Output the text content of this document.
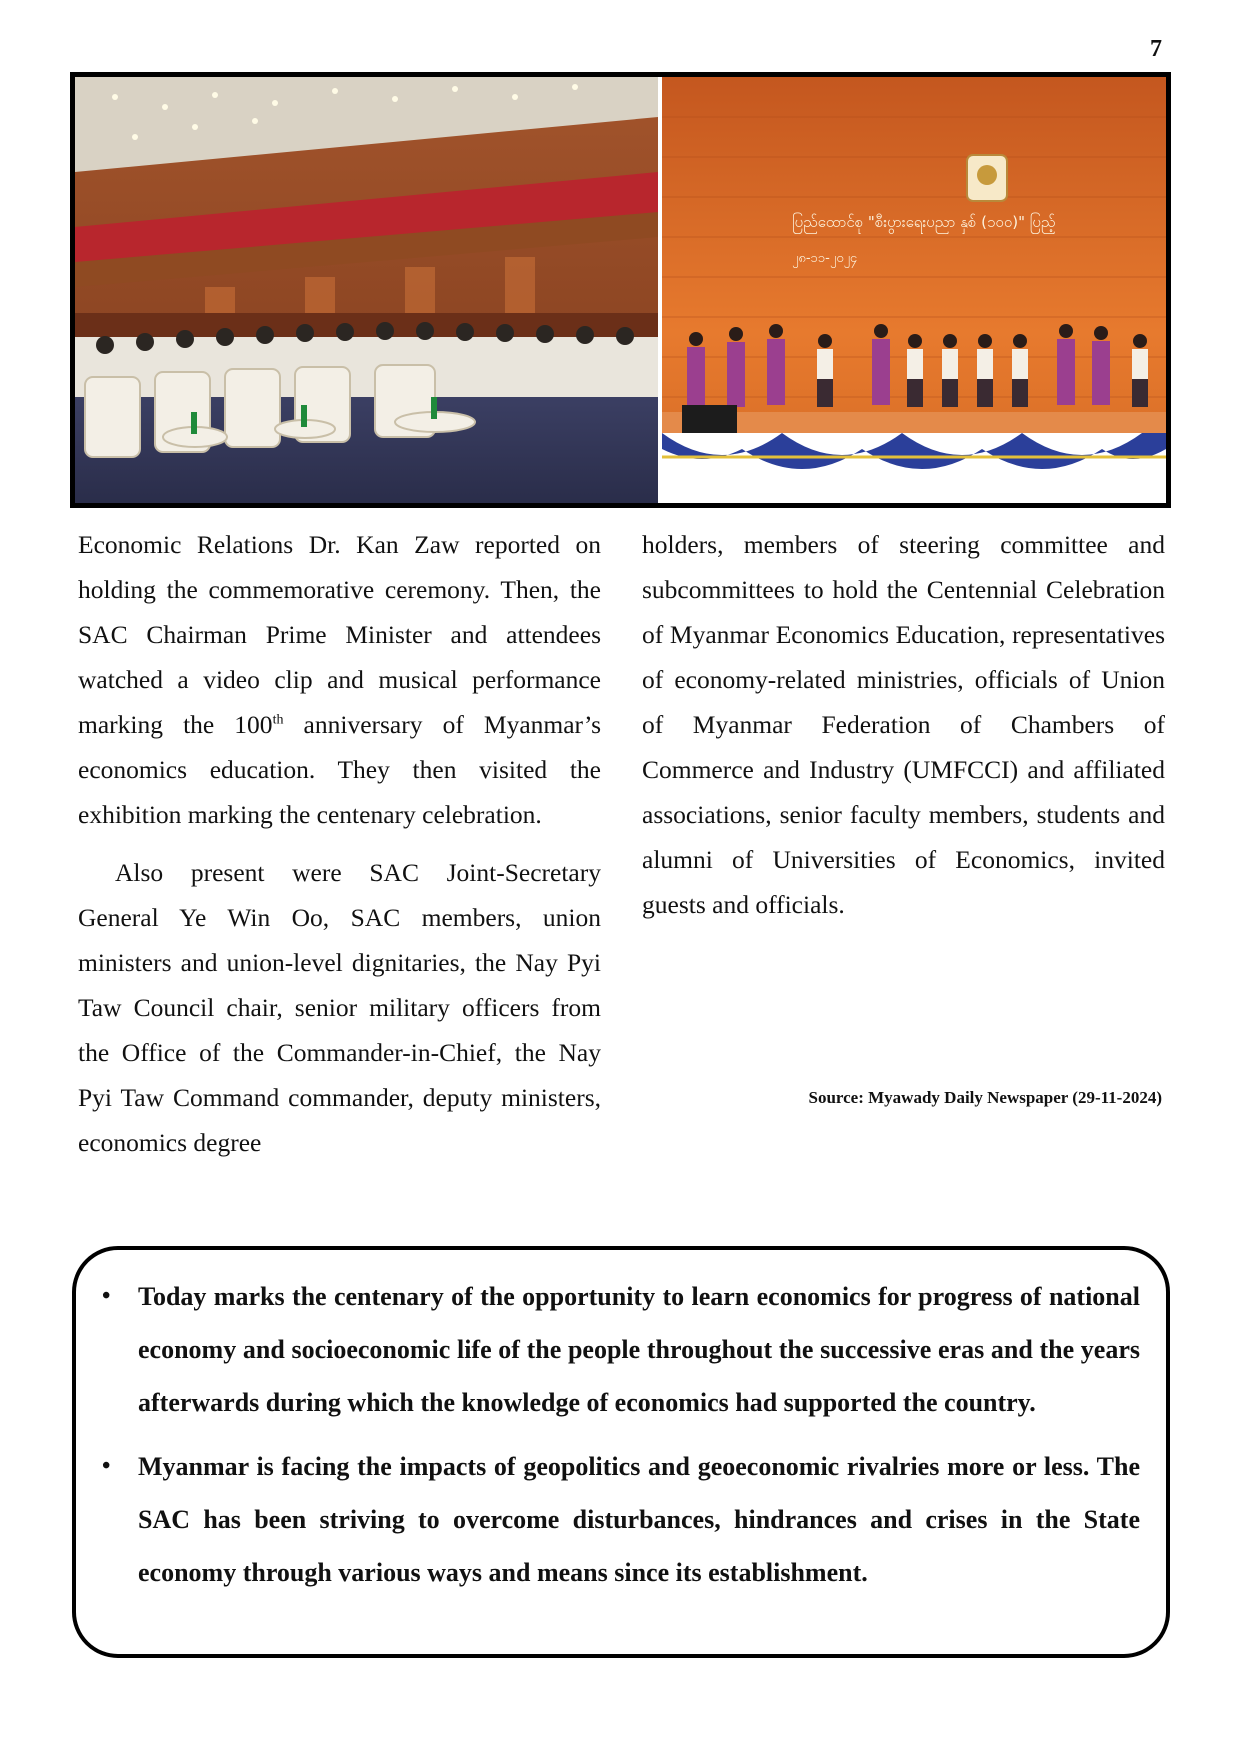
7
ပြည်ထောင်စု "စီးပွားရေးပညာ နှစ် (၁၀၀)" ပြည့်
၂၈-၁၁-၂၀၂၄

Economic Relations Dr. Kan Zaw reported on holding the commemorative ceremony. Then, the SAC Chairman Prime Minister and attendees watched a video clip and musical performance marking the 100th anniversary of Myanmar’s economics education. They then visited the exhibition marking the centenary celebration.

Also present were SAC Joint-Secretary General Ye Win Oo, SAC members, union ministers and union-level dignitaries, the Nay Pyi Taw Council chair, senior military officers from the Office of the Commander-in-Chief, the Nay Pyi Taw Command commander, deputy ministers, economics degree

holders, members of steering committee and subcommittees to hold the Centennial Celebration of Myanmar Economics Education, representatives of economy-related ministries, officials of Union of Myanmar Federation of Chambers of Commerce and Industry (UMFCCI) and affiliated associations, senior faculty members, students and alumni of Universities of Economics, invited guests and officials.

Source: Myawady Daily Newspaper (29-11-2024)
• Today marks the centenary of the opportunity to learn economics for progress of national economy and socioeconomic life of the people throughout the successive eras and the years afterwards during which the knowledge of economics had supported the country.
• Myanmar is facing the impacts of geopolitics and geoeconomic rivalries more or less. The SAC has been striving to overcome disturbances, hindrances and crises in the State economy through various ways and means since its establishment.
